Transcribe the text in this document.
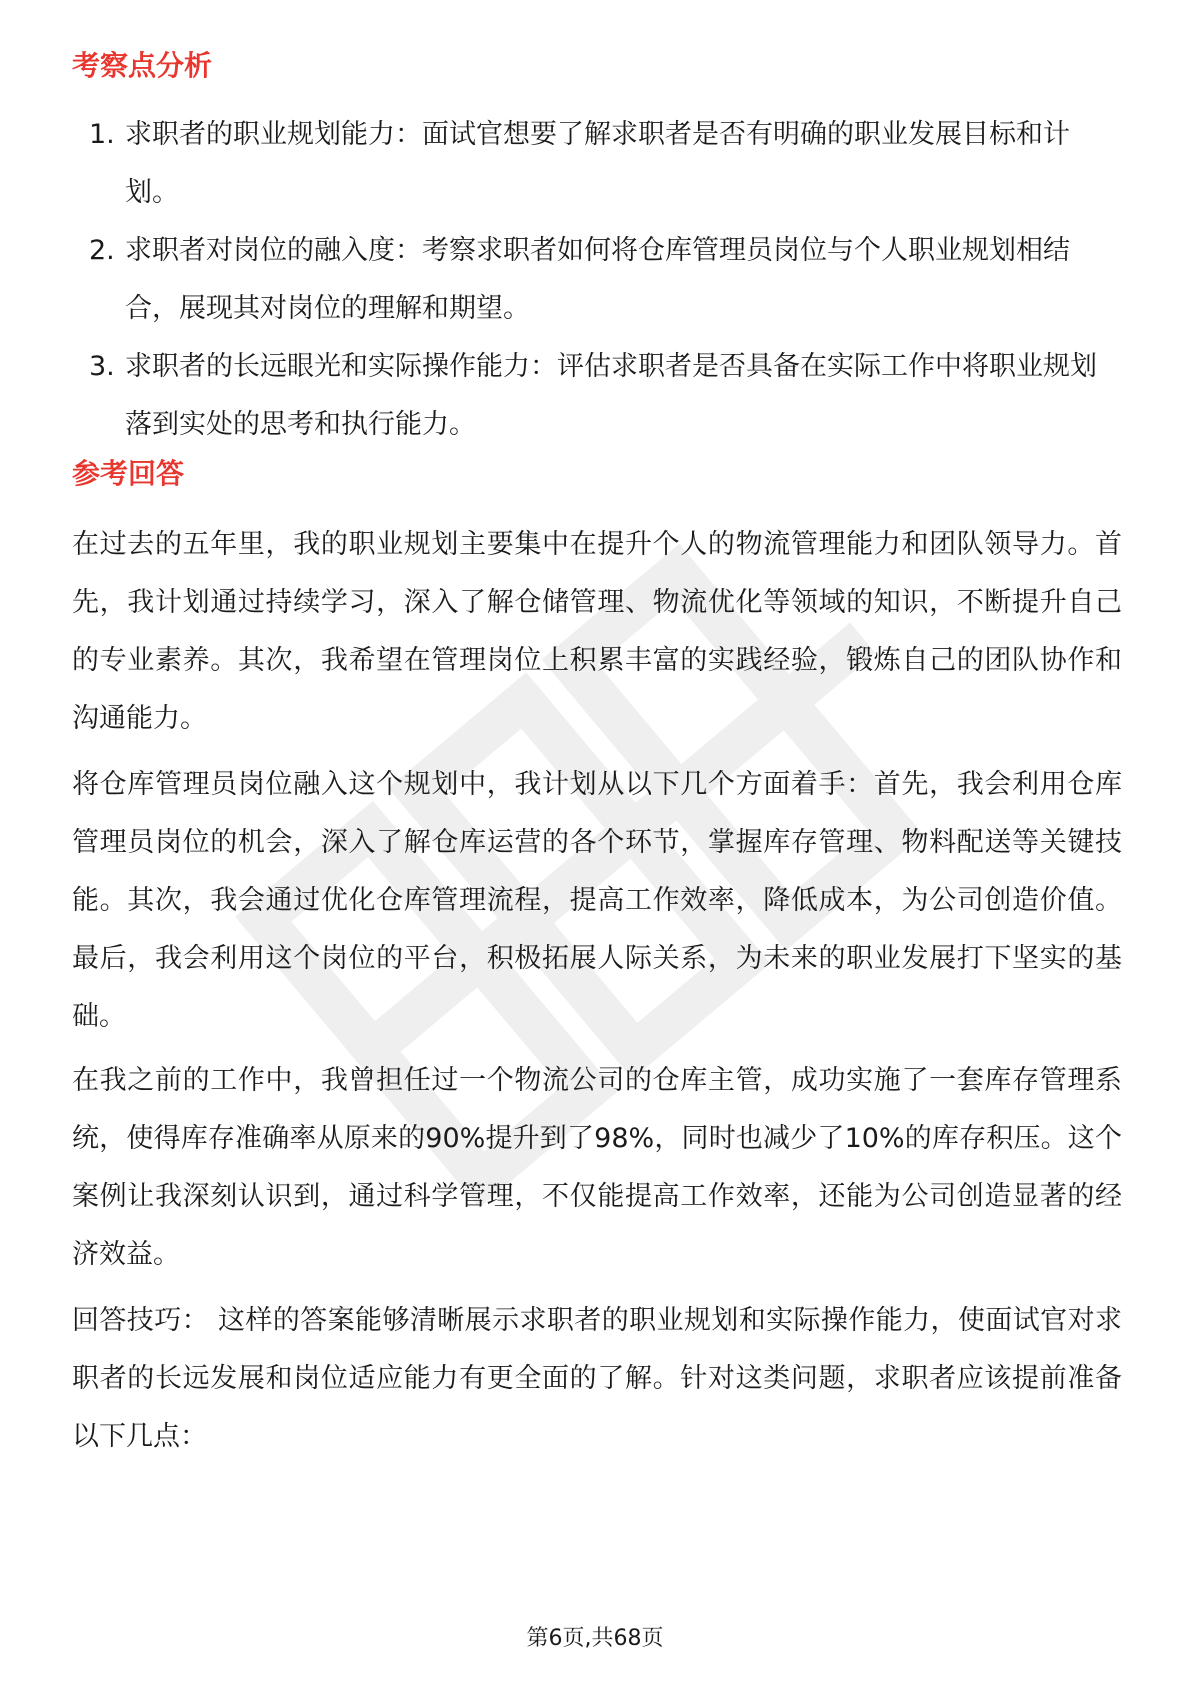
考察点分析
1. 求职者的职业规划能力：面试官想要了解求职者是否有明确的职业发展目标和计划。
2. 求职者对岗位的融入度：考察求职者如何将仓库管理员岗位与个人职业规划相结合，展现其对岗位的理解和期望。
3. 求职者的长远眼光和实际操作能力：评估求职者是否具备在实际工作中将职业规划落到实处的思考和执行能力。
参考回答

在过去的五年里，我的职业规划主要集中在提升个人的物流管理能力和团队领导力。首先，我计划通过持续学习，深入了解仓储管理、物流优化等领域的知识，不断提升自己的专业素养。其次，我希望在管理岗位上积累丰富的实践经验，锻炼自己的团队协作和沟通能力。

将仓库管理员岗位融入这个规划中，我计划从以下几个方面着手：首先，我会利用仓库管理员岗位的机会，深入了解仓库运营的各个环节，掌握库存管理、物料配送等关键技能。其次，我会通过优化仓库管理流程，提高工作效率，降低成本，为公司创造价值。最后，我会利用这个岗位的平台，积极拓展人际关系，为未来的职业发展打下坚实的基础。

在我之前的工作中，我曾担任过一个物流公司的仓库主管，成功实施了一套库存管理系统，使得库存准确率从原来的90%提升到了98%，同时也减少了10%的库存积压。这个案例让我深刻认识到，通过科学管理，不仅能提高工作效率，还能为公司创造显著的经济效益。

回答技巧： 这样的答案能够清晰展示求职者的职业规划和实际操作能力，使面试官对求职者的长远发展和岗位适应能力有更全面的了解。针对这类问题，求职者应该提前准备以下几点：

第6页,共68页
